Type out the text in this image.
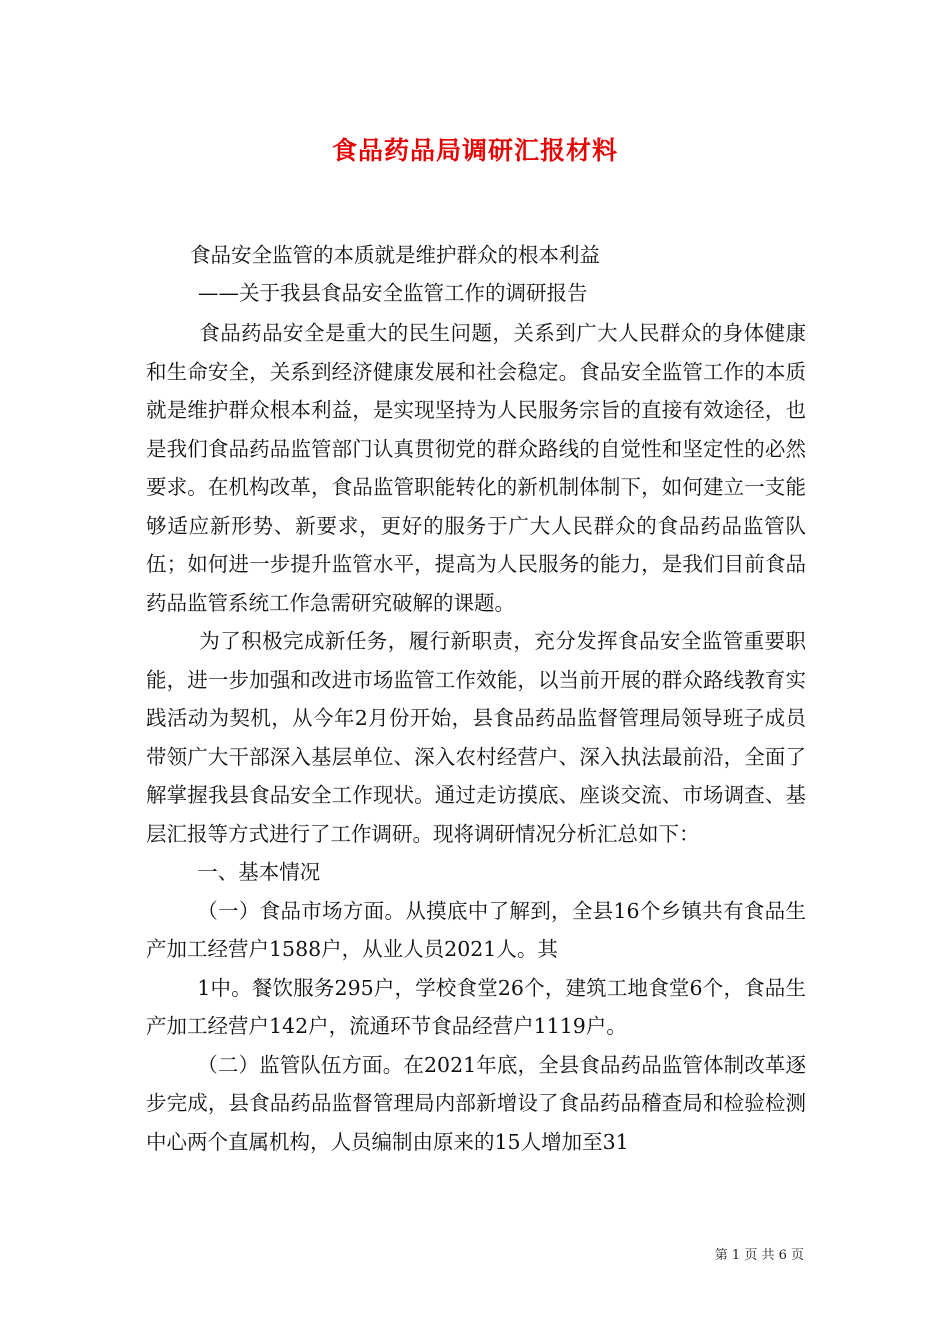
食品药品局调研汇报材料
食品安全监管的本质就是维护群众的根本利益
——关于我县食品安全监管工作的调研报告

食品药品安全是重大的民生问题，关系到广大人民群众的身体健康和生命安全，关系到经济健康发展和社会稳定。食品安全监管工作的本质就是维护群众根本利益，是实现坚持为人民服务宗旨的直接有效途径，也是我们食品药品监管部门认真贯彻党的群众路线的自觉性和坚定性的必然要求。在机构改革，食品监管职能转化的新机制体制下，如何建立一支能够适应新形势、新要求，更好的服务于广大人民群众的食品药品监管队伍；如何进一步提升监管水平，提高为人民服务的能力，是我们目前食品药品监管系统工作急需研究破解的课题。

为了积极完成新任务，履行新职责，充分发挥食品安全监管重要职能，进一步加强和改进市场监管工作效能，以当前开展的群众路线教育实践活动为契机，从今年2月份开始，县食品药品监督管理局领导班子成员带领广大干部深入基层单位、深入农村经营户、深入执法最前沿，全面了解掌握我县食品安全工作现状。通过走访摸底、座谈交流、市场调查、基层汇报等方式进行了工作调研。现将调研情况分析汇总如下：

一、基本情况

（一）食品市场方面。从摸底中了解到，全县16个乡镇共有食品生产加工经营户1588户，从业人员2021人。其

1中。餐饮服务295户，学校食堂26个，建筑工地食堂6个，食品生产加工经营户142户，流通环节食品经营户1119户。

（二）监管队伍方面。在2021年底，全县食品药品监管体制改革逐步完成，县食品药品监督管理局内部新增设了食品药品稽查局和检验检测中心两个直属机构，人员编制由原来的15人增加至31

第 1 页 共 6 页
